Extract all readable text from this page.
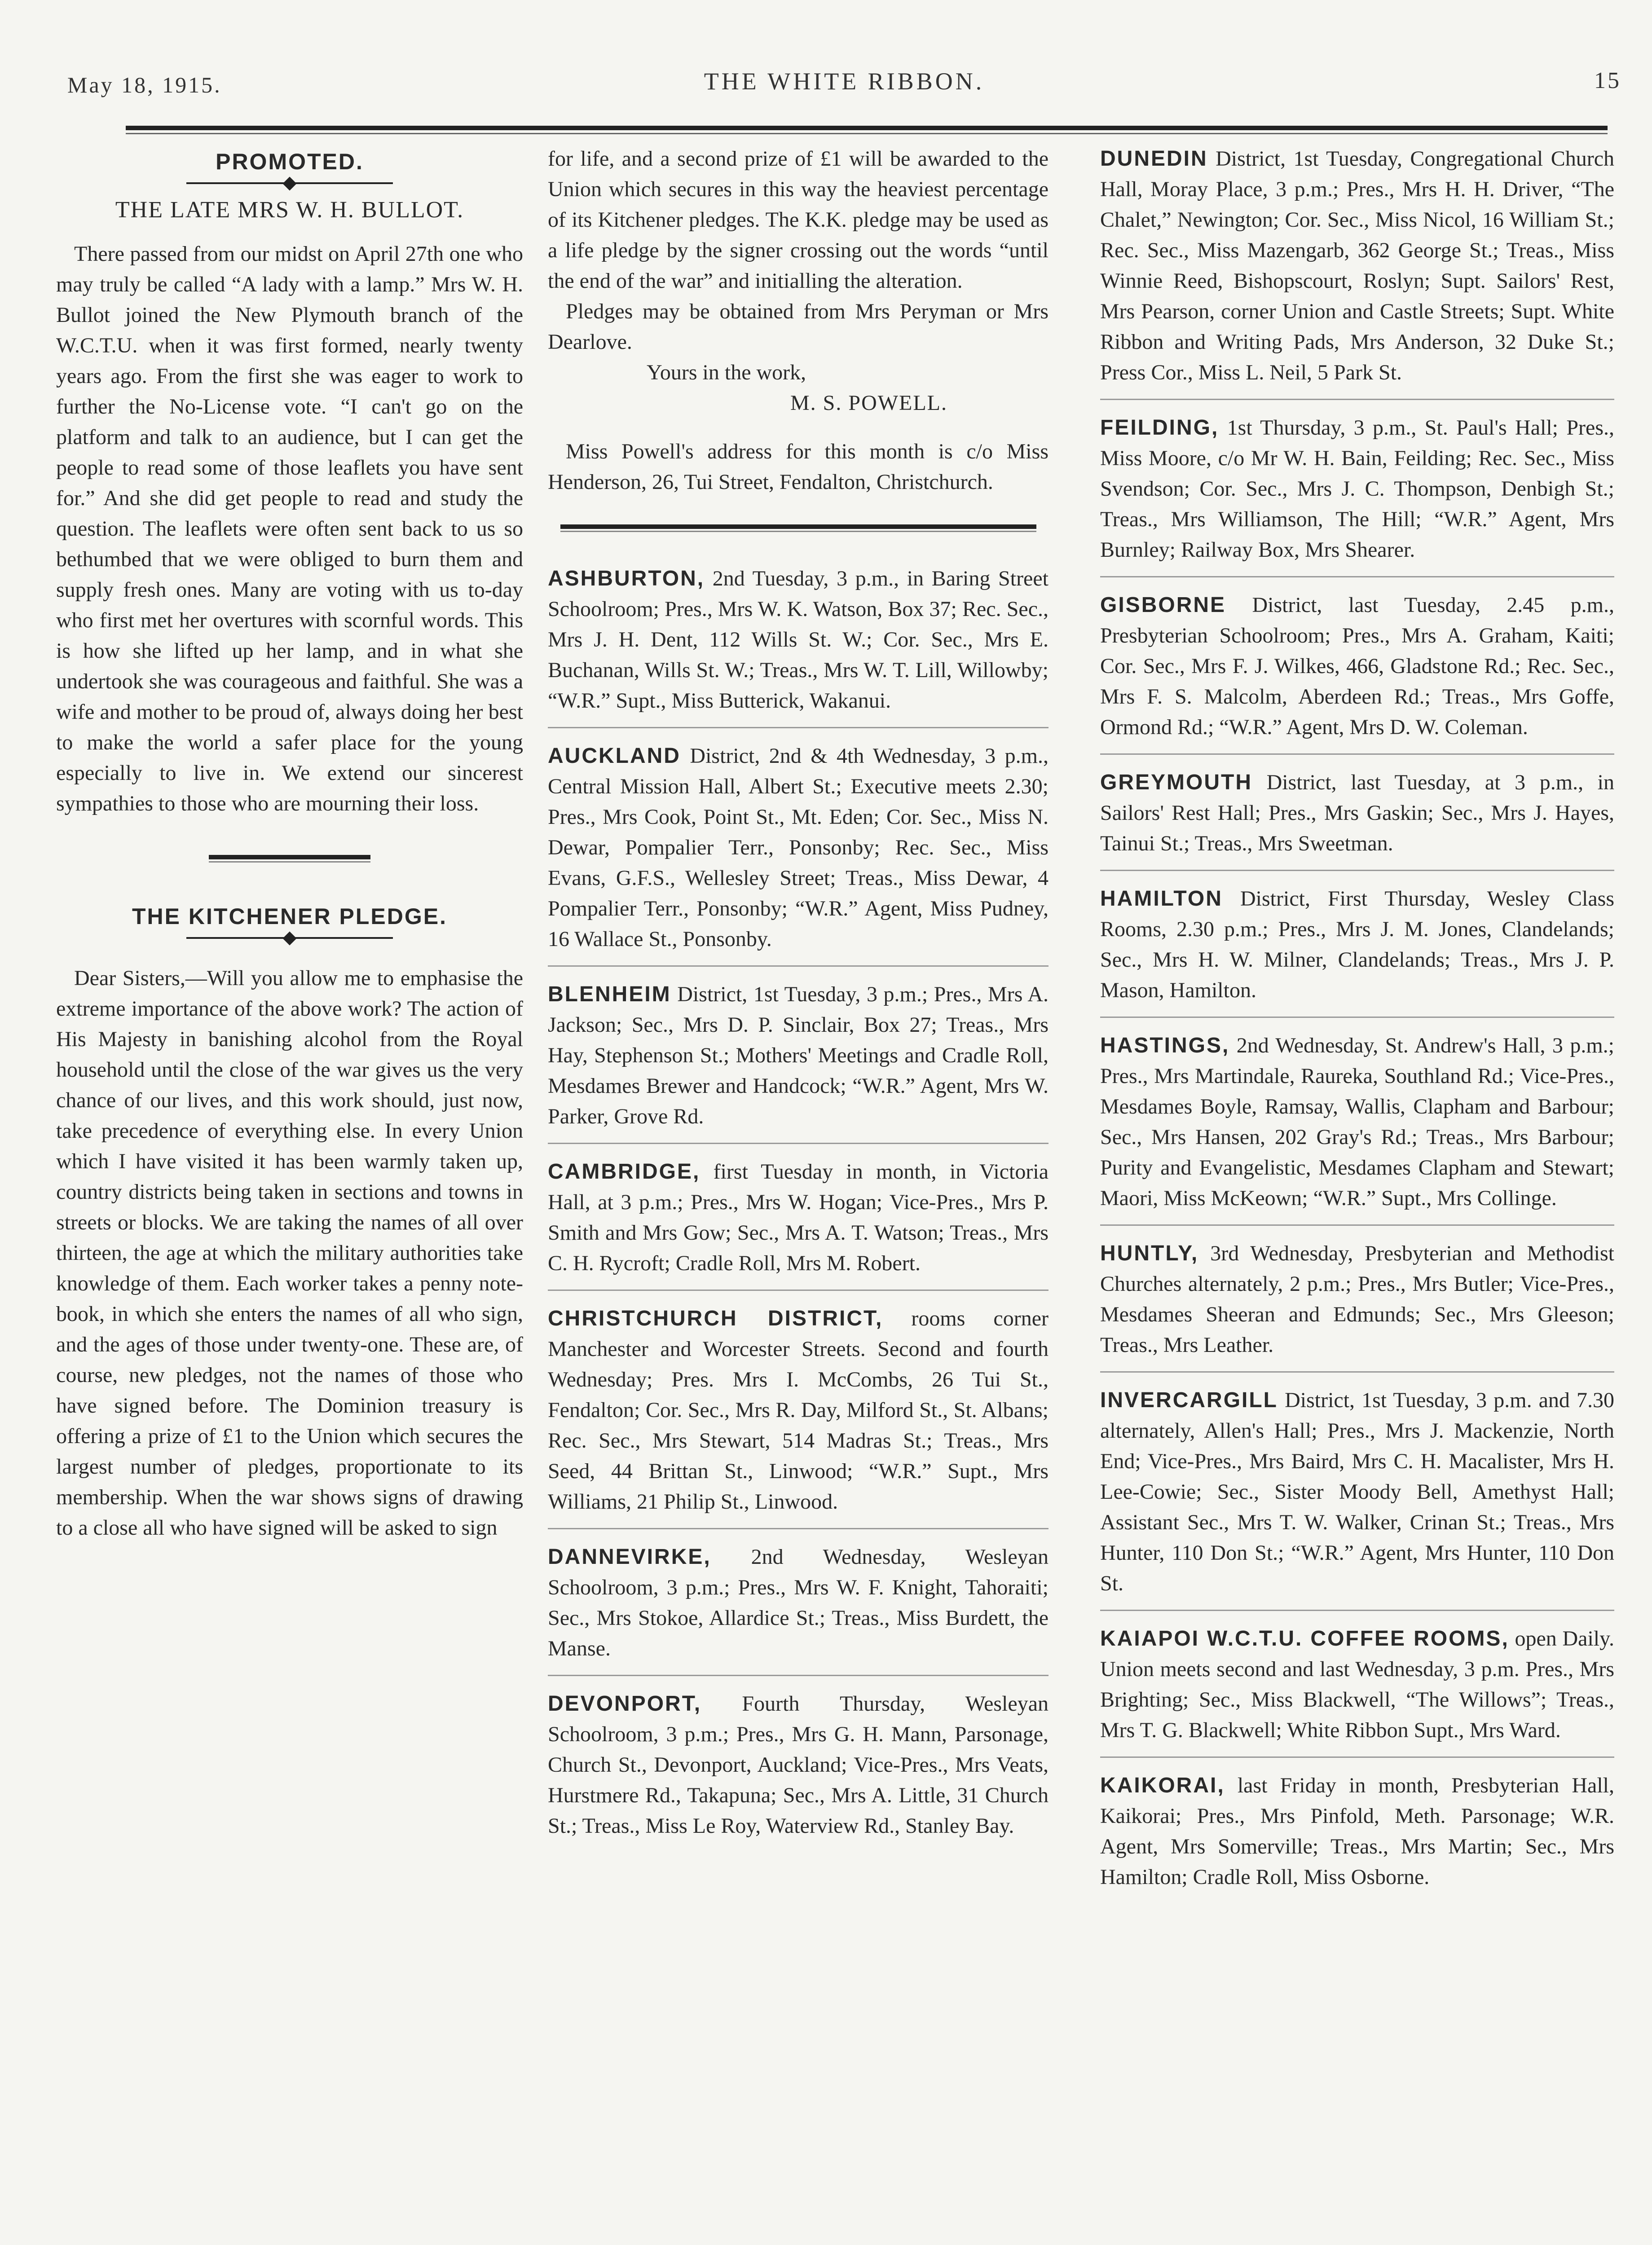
May 18, 1915.	THE WHITE RIBBON.	15
PROMOTED.
THE LATE MRS W. H. BULLOT.

There passed from our midst on April 27th one who may truly be called “A lady with a lamp.” Mrs W. H. Bullot joined the New Plymouth branch of the W.C.T.U. when it was first formed, nearly twenty years ago. From the first she was eager to work to further the No-License vote. “I can't go on the platform and talk to an audience, but I can get the people to read some of those leaflets you have sent for.” And she did get people to read and study the question. The leaflets were often sent back to us so bethumbed that we were obliged to burn them and supply fresh ones. Many are voting with us to-day who first met her overtures with scornful words. This is how she lifted up her lamp, and in what she undertook she was courageous and faithful. She was a wife and mother to be proud of, always doing her best to make the world a safer place for the young especially to live in. We extend our sincerest sympathies to those who are mourning their loss.

THE KITCHENER PLEDGE.

Dear Sisters,—Will you allow me to emphasise the extreme importance of the above work? The action of His Majesty in banishing alcohol from the Royal household until the close of the war gives us the very chance of our lives, and this work should, just now, take precedence of everything else. In every Union which I have visited it has been warmly taken up, country districts being taken in sections and towns in streets or blocks. We are taking the names of all over thirteen, the age at which the military authorities take knowledge of them. Each worker takes a penny note-book, in which she enters the names of all who sign, and the ages of those under twenty-one. These are, of course, new pledges, not the names of those who have signed before. The Dominion treasury is offering a prize of £1 to the Union which secures the largest number of pledges, proportionate to its membership. When the war shows signs of drawing to a close all who have signed will be asked to sign

for life, and a second prize of £1 will be awarded to the Union which secures in this way the heaviest percentage of its Kitchener pledges. The K.K. pledge may be used as a life pledge by the signer crossing out the words “until the end of the war” and initialling the alteration.

Pledges may be obtained from Mrs Peryman or Mrs Dearlove.

Yours in the work,

M. S. POWELL.

Miss Powell's address for this month is c/o Miss Henderson, 26, Tui Street, Fendalton, Christchurch.

ASHBURTON, 2nd Tuesday, 3 p.m., in Baring Street Schoolroom; Pres., Mrs W. K. Watson, Box 37; Rec. Sec., Mrs J. H. Dent, 112 Wills St. W.; Cor. Sec., Mrs E. Buchanan, Wills St. W.; Treas., Mrs W. T. Lill, Willowby; “W.R.” Supt., Miss Butterick, Wakanui.

AUCKLAND District, 2nd & 4th Wednesday, 3 p.m., Central Mission Hall, Albert St.; Executive meets 2.30; Pres., Mrs Cook, Point St., Mt. Eden; Cor. Sec., Miss N. Dewar, Pompalier Terr., Ponsonby; Rec. Sec., Miss Evans, G.F.S., Wellesley Street; Treas., Miss Dewar, 4 Pompalier Terr., Ponsonby; “W.R.” Agent, Miss Pudney, 16 Wallace St., Ponsonby.

BLENHEIM District, 1st Tuesday, 3 p.m.; Pres., Mrs A. Jackson; Sec., Mrs D. P. Sinclair, Box 27; Treas., Mrs Hay, Stephenson St.; Mothers' Meetings and Cradle Roll, Mesdames Brewer and Handcock; “W.R.” Agent, Mrs W. Parker, Grove Rd.

CAMBRIDGE, first Tuesday in month, in Victoria Hall, at 3 p.m.; Pres., Mrs W. Hogan; Vice-Pres., Mrs P. Smith and Mrs Gow; Sec., Mrs A. T. Watson; Treas., Mrs C. H. Rycroft; Cradle Roll, Mrs M. Robert.

CHRISTCHURCH DISTRICT, rooms corner Manchester and Worcester Streets. Second and fourth Wednesday; Pres. Mrs I. McCombs, 26 Tui St., Fendalton; Cor. Sec., Mrs R. Day, Milford St., St. Albans; Rec. Sec., Mrs Stewart, 514 Madras St.; Treas., Mrs Seed, 44 Brittan St., Linwood; “W.R.” Supt., Mrs Williams, 21 Philip St., Linwood.

DANNEVIRKE, 2nd Wednesday, Wesleyan Schoolroom, 3 p.m.; Pres., Mrs W. F. Knight, Tahoraiti; Sec., Mrs Stokoe, Allardice St.; Treas., Miss Burdett, the Manse.

DEVONPORT, Fourth Thursday, Wesleyan Schoolroom, 3 p.m.; Pres., Mrs G. H. Mann, Parsonage, Church St., Devonport, Auckland; Vice-Pres., Mrs Veats, Hurstmere Rd., Takapuna; Sec., Mrs A. Little, 31 Church St.; Treas., Miss Le Roy, Waterview Rd., Stanley Bay.

DUNEDIN District, 1st Tuesday, Congregational Church Hall, Moray Place, 3 p.m.; Pres., Mrs H. H. Driver, “The Chalet,” Newington; Cor. Sec., Miss Nicol, 16 William St.; Rec. Sec., Miss Mazengarb, 362 George St.; Treas., Miss Winnie Reed, Bishopscourt, Roslyn; Supt. Sailors' Rest, Mrs Pearson, corner Union and Castle Streets; Supt. White Ribbon and Writing Pads, Mrs Anderson, 32 Duke St.; Press Cor., Miss L. Neil, 5 Park St.

FEILDING, 1st Thursday, 3 p.m., St. Paul's Hall; Pres., Miss Moore, c/o Mr W. H. Bain, Feilding; Rec. Sec., Miss Svendson; Cor. Sec., Mrs J. C. Thompson, Denbigh St.; Treas., Mrs Williamson, The Hill; “W.R.” Agent, Mrs Burnley; Railway Box, Mrs Shearer.

GISBORNE District, last Tuesday, 2.45 p.m., Presbyterian Schoolroom; Pres., Mrs A. Graham, Kaiti; Cor. Sec., Mrs F. J. Wilkes, 466, Gladstone Rd.; Rec. Sec., Mrs F. S. Malcolm, Aberdeen Rd.; Treas., Mrs Goffe, Ormond Rd.; “W.R.” Agent, Mrs D. W. Coleman.

GREYMOUTH District, last Tuesday, at 3 p.m., in Sailors' Rest Hall; Pres., Mrs Gaskin; Sec., Mrs J. Hayes, Tainui St.; Treas., Mrs Sweetman.

HAMILTON District, First Thursday, Wesley Class Rooms, 2.30 p.m.; Pres., Mrs J. M. Jones, Clandelands; Sec., Mrs H. W. Milner, Clandelands; Treas., Mrs J. P. Mason, Hamilton.

HASTINGS, 2nd Wednesday, St. Andrew's Hall, 3 p.m.; Pres., Mrs Martindale, Raureka, Southland Rd.; Vice-Pres., Mesdames Boyle, Ramsay, Wallis, Clapham and Barbour; Sec., Mrs Hansen, 202 Gray's Rd.; Treas., Mrs Barbour; Purity and Evangelistic, Mesdames Clapham and Stewart; Maori, Miss McKeown; “W.R.” Supt., Mrs Collinge.

HUNTLY, 3rd Wednesday, Presbyterian and Methodist Churches alternately, 2 p.m.; Pres., Mrs Butler; Vice-Pres., Mesdames Sheeran and Edmunds; Sec., Mrs Gleeson; Treas., Mrs Leather.

INVERCARGILL District, 1st Tuesday, 3 p.m. and 7.30 alternately, Allen's Hall; Pres., Mrs J. Mackenzie, North End; Vice-Pres., Mrs Baird, Mrs C. H. Macalister, Mrs H. Lee-Cowie; Sec., Sister Moody Bell, Amethyst Hall; Assistant Sec., Mrs T. W. Walker, Crinan St.; Treas., Mrs Hunter, 110 Don St.; “W.R.” Agent, Mrs Hunter, 110 Don St.

KAIAPOI W.C.T.U. COFFEE ROOMS, open Daily. Union meets second and last Wednesday, 3 p.m. Pres., Mrs Brighting; Sec., Miss Blackwell, “The Willows”; Treas., Mrs T. G. Blackwell; White Ribbon Supt., Mrs Ward.

KAIKORAI, last Friday in month, Presbyterian Hall, Kaikorai; Pres., Mrs Pinfold, Meth. Parsonage; W.R. Agent, Mrs Somerville; Treas., Mrs Martin; Sec., Mrs Hamilton; Cradle Roll, Miss Osborne.
